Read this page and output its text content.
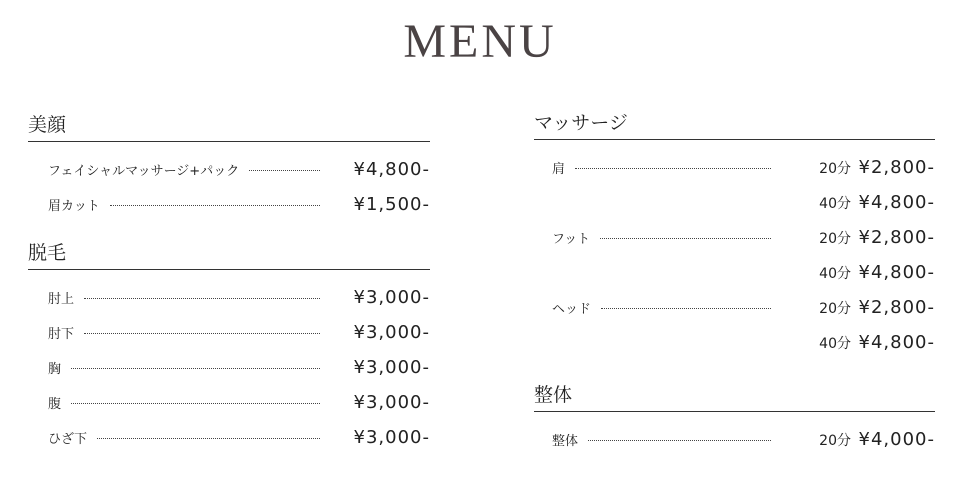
MENU
美顔
フェイシャルマッサージ+パック	¥4,800-
眉カット	¥1,500-
脱毛
肘上	¥3,000-
肘下	¥3,000-
胸	¥3,000-
腹	¥3,000-
ひざ下	¥3,000-
マッサージ
肩	20分 ¥2,800-
40分 ¥4,800-
フット	20分 ¥2,800-
40分 ¥4,800-
ヘッド	20分 ¥2,800-
40分 ¥4,800-
整体
整体	20分 ¥4,000-
